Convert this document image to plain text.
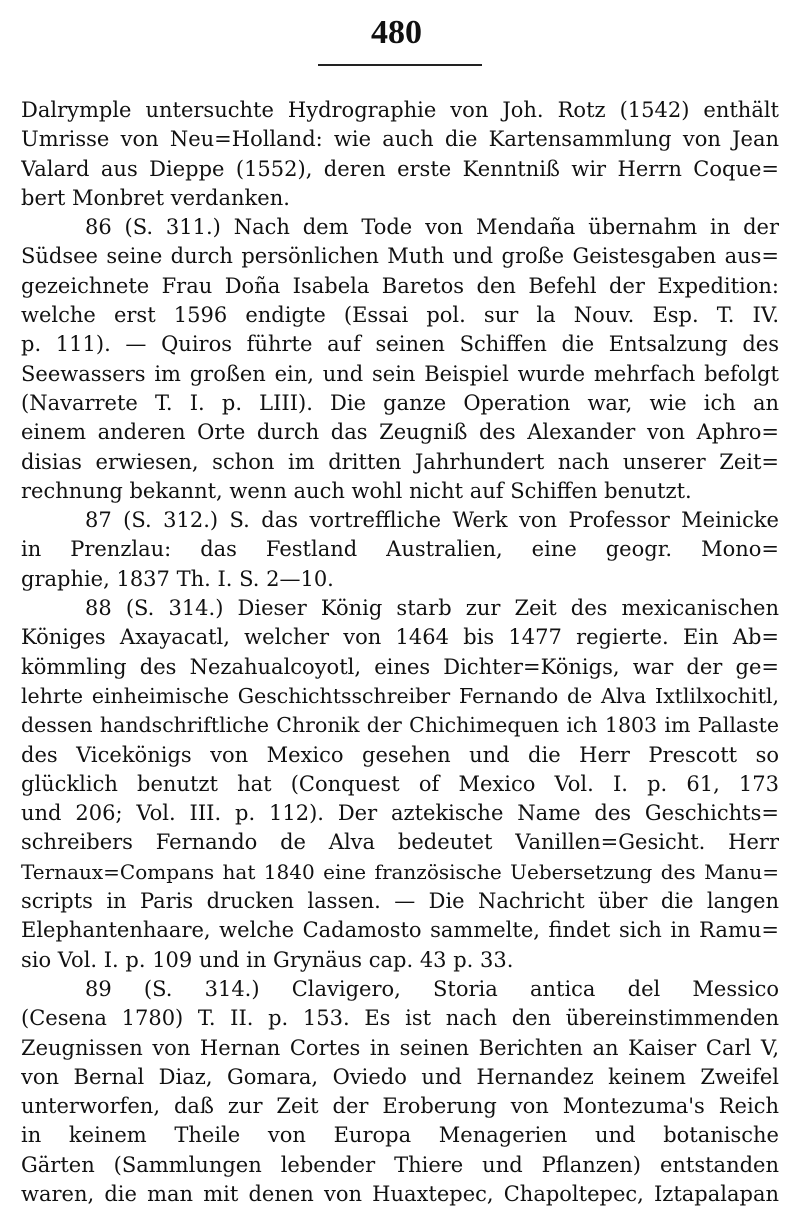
480
Dalrymple untersuchte Hydrographie von Joh. Rotz (1542) enthält
Umrisse von Neu=Holland: wie auch die Kartensammlung von Jean
Valard aus Dieppe (1552), deren erste Kenntniß wir Herrn Coque=
bert Monbret verdanken.
86 (S. 311.) Nach dem Tode von Mendaña übernahm in der
Südsee seine durch persönlichen Muth und große Geistesgaben aus=
gezeichnete Frau Doña Isabela Baretos den Befehl der Expedition:
welche erst 1596 endigte (Essai pol. sur la Nouv. Esp. T. IV.
p. 111). — Quiros führte auf seinen Schiffen die Entsalzung des
Seewassers im großen ein, und sein Beispiel wurde mehrfach befolgt
(Navarrete T. I. p. LIII). Die ganze Operation war, wie ich an
einem anderen Orte durch das Zeugniß des Alexander von Aphro=
disias erwiesen, schon im dritten Jahrhundert nach unserer Zeit=
rechnung bekannt, wenn auch wohl nicht auf Schiffen benutzt.
87 (S. 312.) S. das vortreffliche Werk von Professor Meinicke
in Prenzlau: das Festland Australien, eine geogr. Mono=
graphie, 1837 Th. I. S. 2—10.
88 (S. 314.) Dieser König starb zur Zeit des mexicanischen
Königes Axayacatl, welcher von 1464 bis 1477 regierte. Ein Ab=
kömmling des Nezahualcoyotl, eines Dichter=Königs, war der ge=
lehrte einheimische Geschichtsschreiber Fernando de Alva Ixtlilxochitl,
dessen handschriftliche Chronik der Chichimequen ich 1803 im Pallaste
des Vicekönigs von Mexico gesehen und die Herr Prescott so
glücklich benutzt hat (Conquest of Mexico Vol. I. p. 61, 173
und 206; Vol. III. p. 112). Der aztekische Name des Geschichts=
schreibers Fernando de Alva bedeutet Vanillen=Gesicht. Herr
Ternaux=Compans hat 1840 eine französische Uebersetzung des Manu=
scripts in Paris drucken lassen. — Die Nachricht über die langen
Elephantenhaare, welche Cadamosto sammelte, findet sich in Ramu=
sio Vol. I. p. 109 und in Grynäus cap. 43 p. 33.
89 (S. 314.) Clavigero, Storia antica del Messico
(Cesena 1780) T. II. p. 153. Es ist nach den übereinstimmenden
Zeugnissen von Hernan Cortes in seinen Berichten an Kaiser Carl V,
von Bernal Diaz, Gomara, Oviedo und Hernandez keinem Zweifel
unterworfen, daß zur Zeit der Eroberung von Montezuma's Reich
in keinem Theile von Europa Menagerien und botanische
Gärten (Sammlungen lebender Thiere und Pflanzen) entstanden
waren, die man mit denen von Huaxtepec, Chapoltepec, Iztapalapan
